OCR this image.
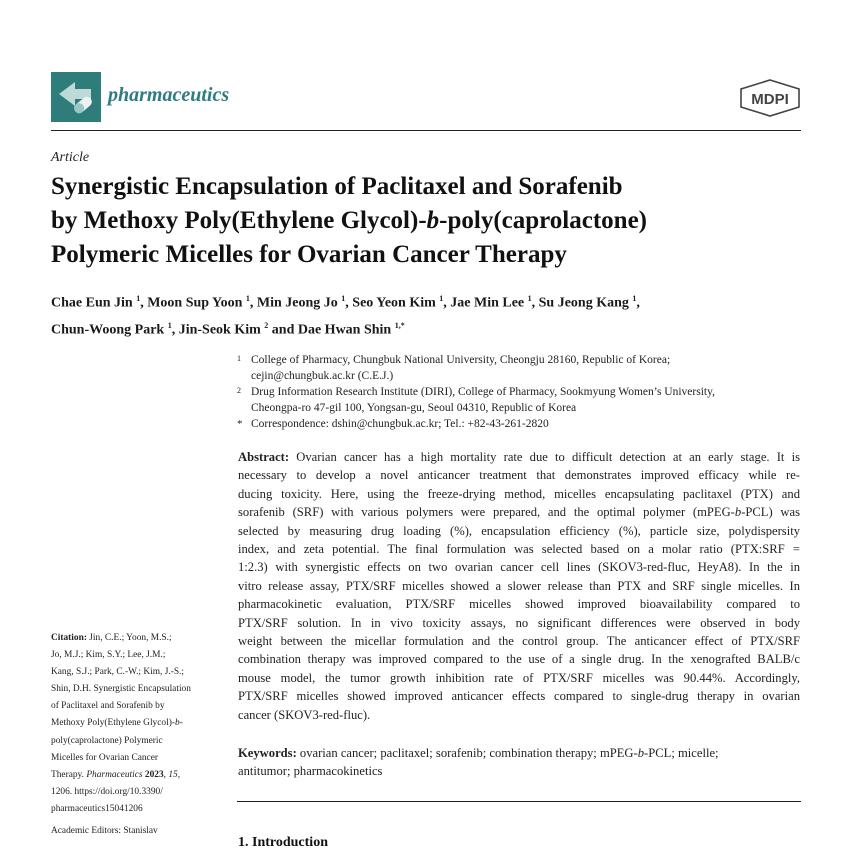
pharmaceutics	MDPI
Article
Synergistic Encapsulation of Paclitaxel and Sorafenib
by Methoxy Poly(Ethylene Glycol)-b-poly(caprolactone)
Polymeric Micelles for Ovarian Cancer Therapy
Chae Eun Jin $^1$, Moon Sup Yoon $^1$, Min Jeong Jo $^1$, Seo Yeon Kim $^1$, Jae Min Lee $^1$, Su Jeong Kang $^1$,
Chun-Woong Park $^1$, Jin-Seok Kim $^2$ and Dae Hwan Shin $^{1,*}$
1 College of Pharmacy, Chungbuk National University, Cheongju 28160, Republic of Korea;
cejin@chungbuk.ac.kr (C.E.J.)
2 Drug Information Research Institute (DIRI), College of Pharmacy, Sookmyung Women’s University,
Cheongpa-ro 47-gil 100, Yongsan-gu, Seoul 04310, Republic of Korea
* Correspondence: dshin@chungbuk.ac.kr; Tel.: +82-43-261-2820
Abstract: Ovarian cancer has a high mortality rate due to difficult detection at an early stage. It is
necessary to develop a novel anticancer treatment that demonstrates improved efficacy while re-
ducing toxicity. Here, using the freeze-drying method, micelles encapsulating paclitaxel (PTX) and
sorafenib (SRF) with various polymers were prepared, and the optimal polymer (mPEG-b-PCL) was
selected by measuring drug loading (%), encapsulation efficiency (%), particle size, polydispersity
index, and zeta potential. The final formulation was selected based on a molar ratio (PTX:SRF =
1:2.3) with synergistic effects on two ovarian cancer cell lines (SKOV3-red-fluc, HeyA8). In the in
vitro release assay, PTX/SRF micelles showed a slower release than PTX and SRF single micelles. In
pharmacokinetic evaluation, PTX/SRF micelles showed improved bioavailability compared to
PTX/SRF solution. In in vivo toxicity assays, no significant differences were observed in body
weight between the micellar formulation and the control group. The anticancer effect of PTX/SRF
combination therapy was improved compared to the use of a single drug. In the xenografted BALB/c
mouse model, the tumor growth inhibition rate of PTX/SRF micelles was 90.44%. Accordingly,
PTX/SRF micelles showed improved anticancer effects compared to single-drug therapy in ovarian
cancer (SKOV3-red-fluc).
Keywords: ovarian cancer; paclitaxel; sorafenib; combination therapy; mPEG-b-PCL; micelle;
antitumor; pharmacokinetics
1. Introduction
Citation: Jin, C.E.; Yoon, M.S.;
Jo, M.J.; Kim, S.Y.; Lee, J.M.;
Kang, S.J.; Park, C.-W.; Kim, J.-S.;
Shin, D.H. Synergistic Encapsulation
of Paclitaxel and Sorafenib by
Methoxy Poly(Ethylene Glycol)-b-
poly(caprolactone) Polymeric
Micelles for Ovarian Cancer
Therapy. Pharmaceutics 2023, 15,
1206. https://doi.org/10.3390/
pharmaceutics15041206
Academic Editors: Stanislav
